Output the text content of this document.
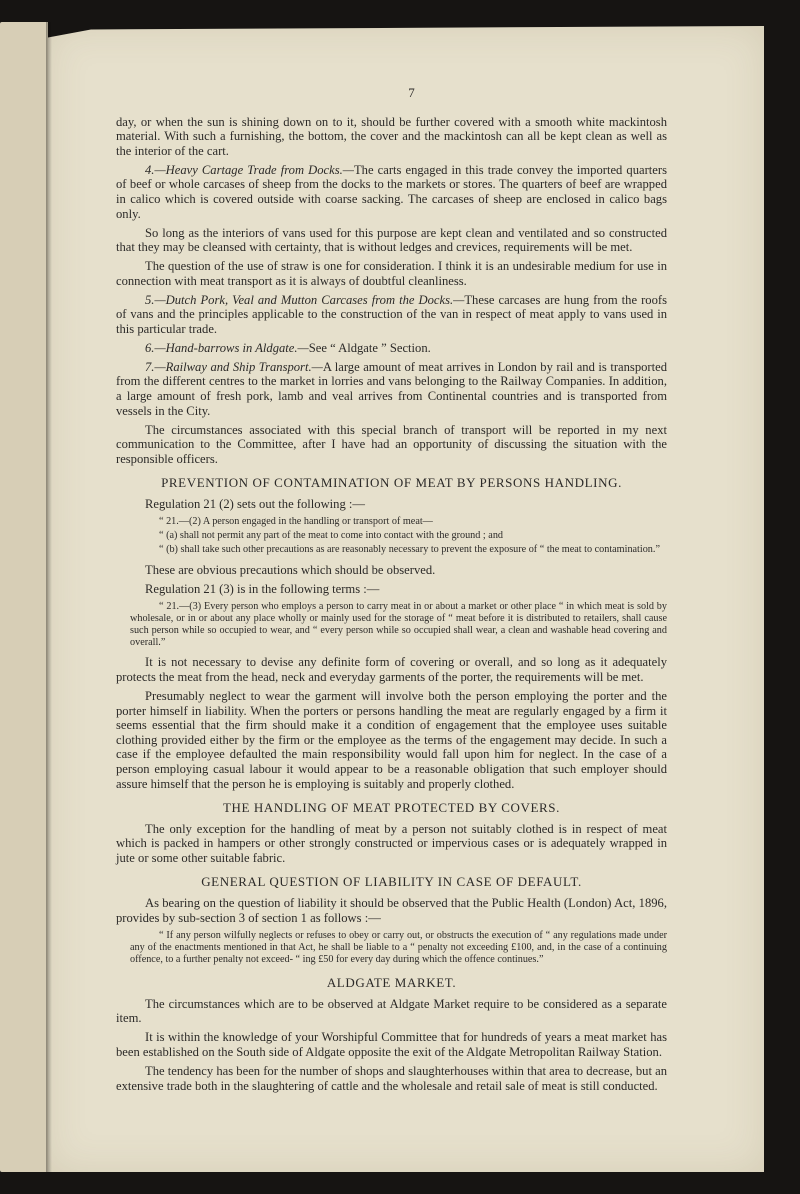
7

day, or when the sun is shining down on to it, should be further covered with a smooth white mackintosh material. With such a furnishing, the bottom, the cover and the mackintosh can all be kept clean as well as the interior of the cart.

4.—Heavy Cartage Trade from Docks.—The carts engaged in this trade convey the imported quarters of beef or whole carcases of sheep from the docks to the markets or stores. The quarters of beef are wrapped in calico which is covered outside with coarse sacking. The carcases of sheep are enclosed in calico bags only.

So long as the interiors of vans used for this purpose are kept clean and ventilated and so constructed that they may be cleansed with certainty, that is without ledges and crevices, requirements will be met.

The question of the use of straw is one for consideration. I think it is an undesirable medium for use in connection with meat transport as it is always of doubtful cleanliness.

5.—Dutch Pork, Veal and Mutton Carcases from the Docks.—These carcases are hung from the roofs of vans and the principles applicable to the construction of the van in respect of meat apply to vans used in this particular trade.

6.—Hand-barrows in Aldgate.—See “ Aldgate ” Section.

7.—Railway and Ship Transport.—A large amount of meat arrives in London by rail and is transported from the different centres to the market in lorries and vans belonging to the Railway Companies. In addition, a large amount of fresh pork, lamb and veal arrives from Continental countries and is transported from vessels in the City.

The circumstances associated with this special branch of transport will be reported in my next communication to the Committee, after I have had an opportunity of discussing the situation with the responsible officers.

PREVENTION OF CONTAMINATION OF MEAT BY PERSONS HANDLING.

Regulation 21 (2) sets out the following :—

“ 21.—(2) A person engaged in the handling or transport of meat—
“ (a) shall not permit any part of the meat to come into contact with the ground ; and
“ (b) shall take such other precautions as are reasonably necessary to prevent the exposure of “ the meat to contamination.”

These are obvious precautions which should be observed.

Regulation 21 (3) is in the following terms :—

“ 21.—(3) Every person who employs a person to carry meat in or about a market or other place “ in which meat is sold by wholesale, or in or about any place wholly or mainly used for the storage of “ meat before it is distributed to retailers, shall cause such person while so occupied to wear, and “ every person while so occupied shall wear, a clean and washable head covering and overall.”

It is not necessary to devise any definite form of covering or overall, and so long as it adequately protects the meat from the head, neck and everyday garments of the porter, the requirements will be met.

Presumably neglect to wear the garment will involve both the person employing the porter and the porter himself in liability. When the porters or persons handling the meat are regularly engaged by a firm it seems essential that the firm should make it a condition of engagement that the employee uses suitable clothing provided either by the firm or the employee as the terms of the engagement may decide. In such a case if the employee defaulted the main responsibility would fall upon him for neglect. In the case of a person employing casual labour it would appear to be a reasonable obligation that such employer should assure himself that the person he is employing is suitably and properly clothed.

THE HANDLING OF MEAT PROTECTED BY COVERS.

The only exception for the handling of meat by a person not suitably clothed is in respect of meat which is packed in hampers or other strongly constructed or impervious cases or is adequately wrapped in jute or some other suitable fabric.

GENERAL QUESTION OF LIABILITY IN CASE OF DEFAULT.

As bearing on the question of liability it should be observed that the Public Health (London) Act, 1896, provides by sub-section 3 of section 1 as follows :—

“ If any person wilfully neglects or refuses to obey or carry out, or obstructs the execution of “ any regulations made under any of the enactments mentioned in that Act, he shall be liable to a “ penalty not exceeding £100, and, in the case of a continuing offence, to a further penalty not exceed- “ ing £50 for every day during which the offence continues.”
ALDGATE MARKET.

The circumstances which are to be observed at Aldgate Market require to be considered as a separate item.

It is within the knowledge of your Worshipful Committee that for hundreds of years a meat market has been established on the South side of Aldgate opposite the exit of the Aldgate Metropolitan Railway Station.

The tendency has been for the number of shops and slaughterhouses within that area to decrease, but an extensive trade both in the slaughtering of cattle and the wholesale and retail sale of meat is still conducted.
